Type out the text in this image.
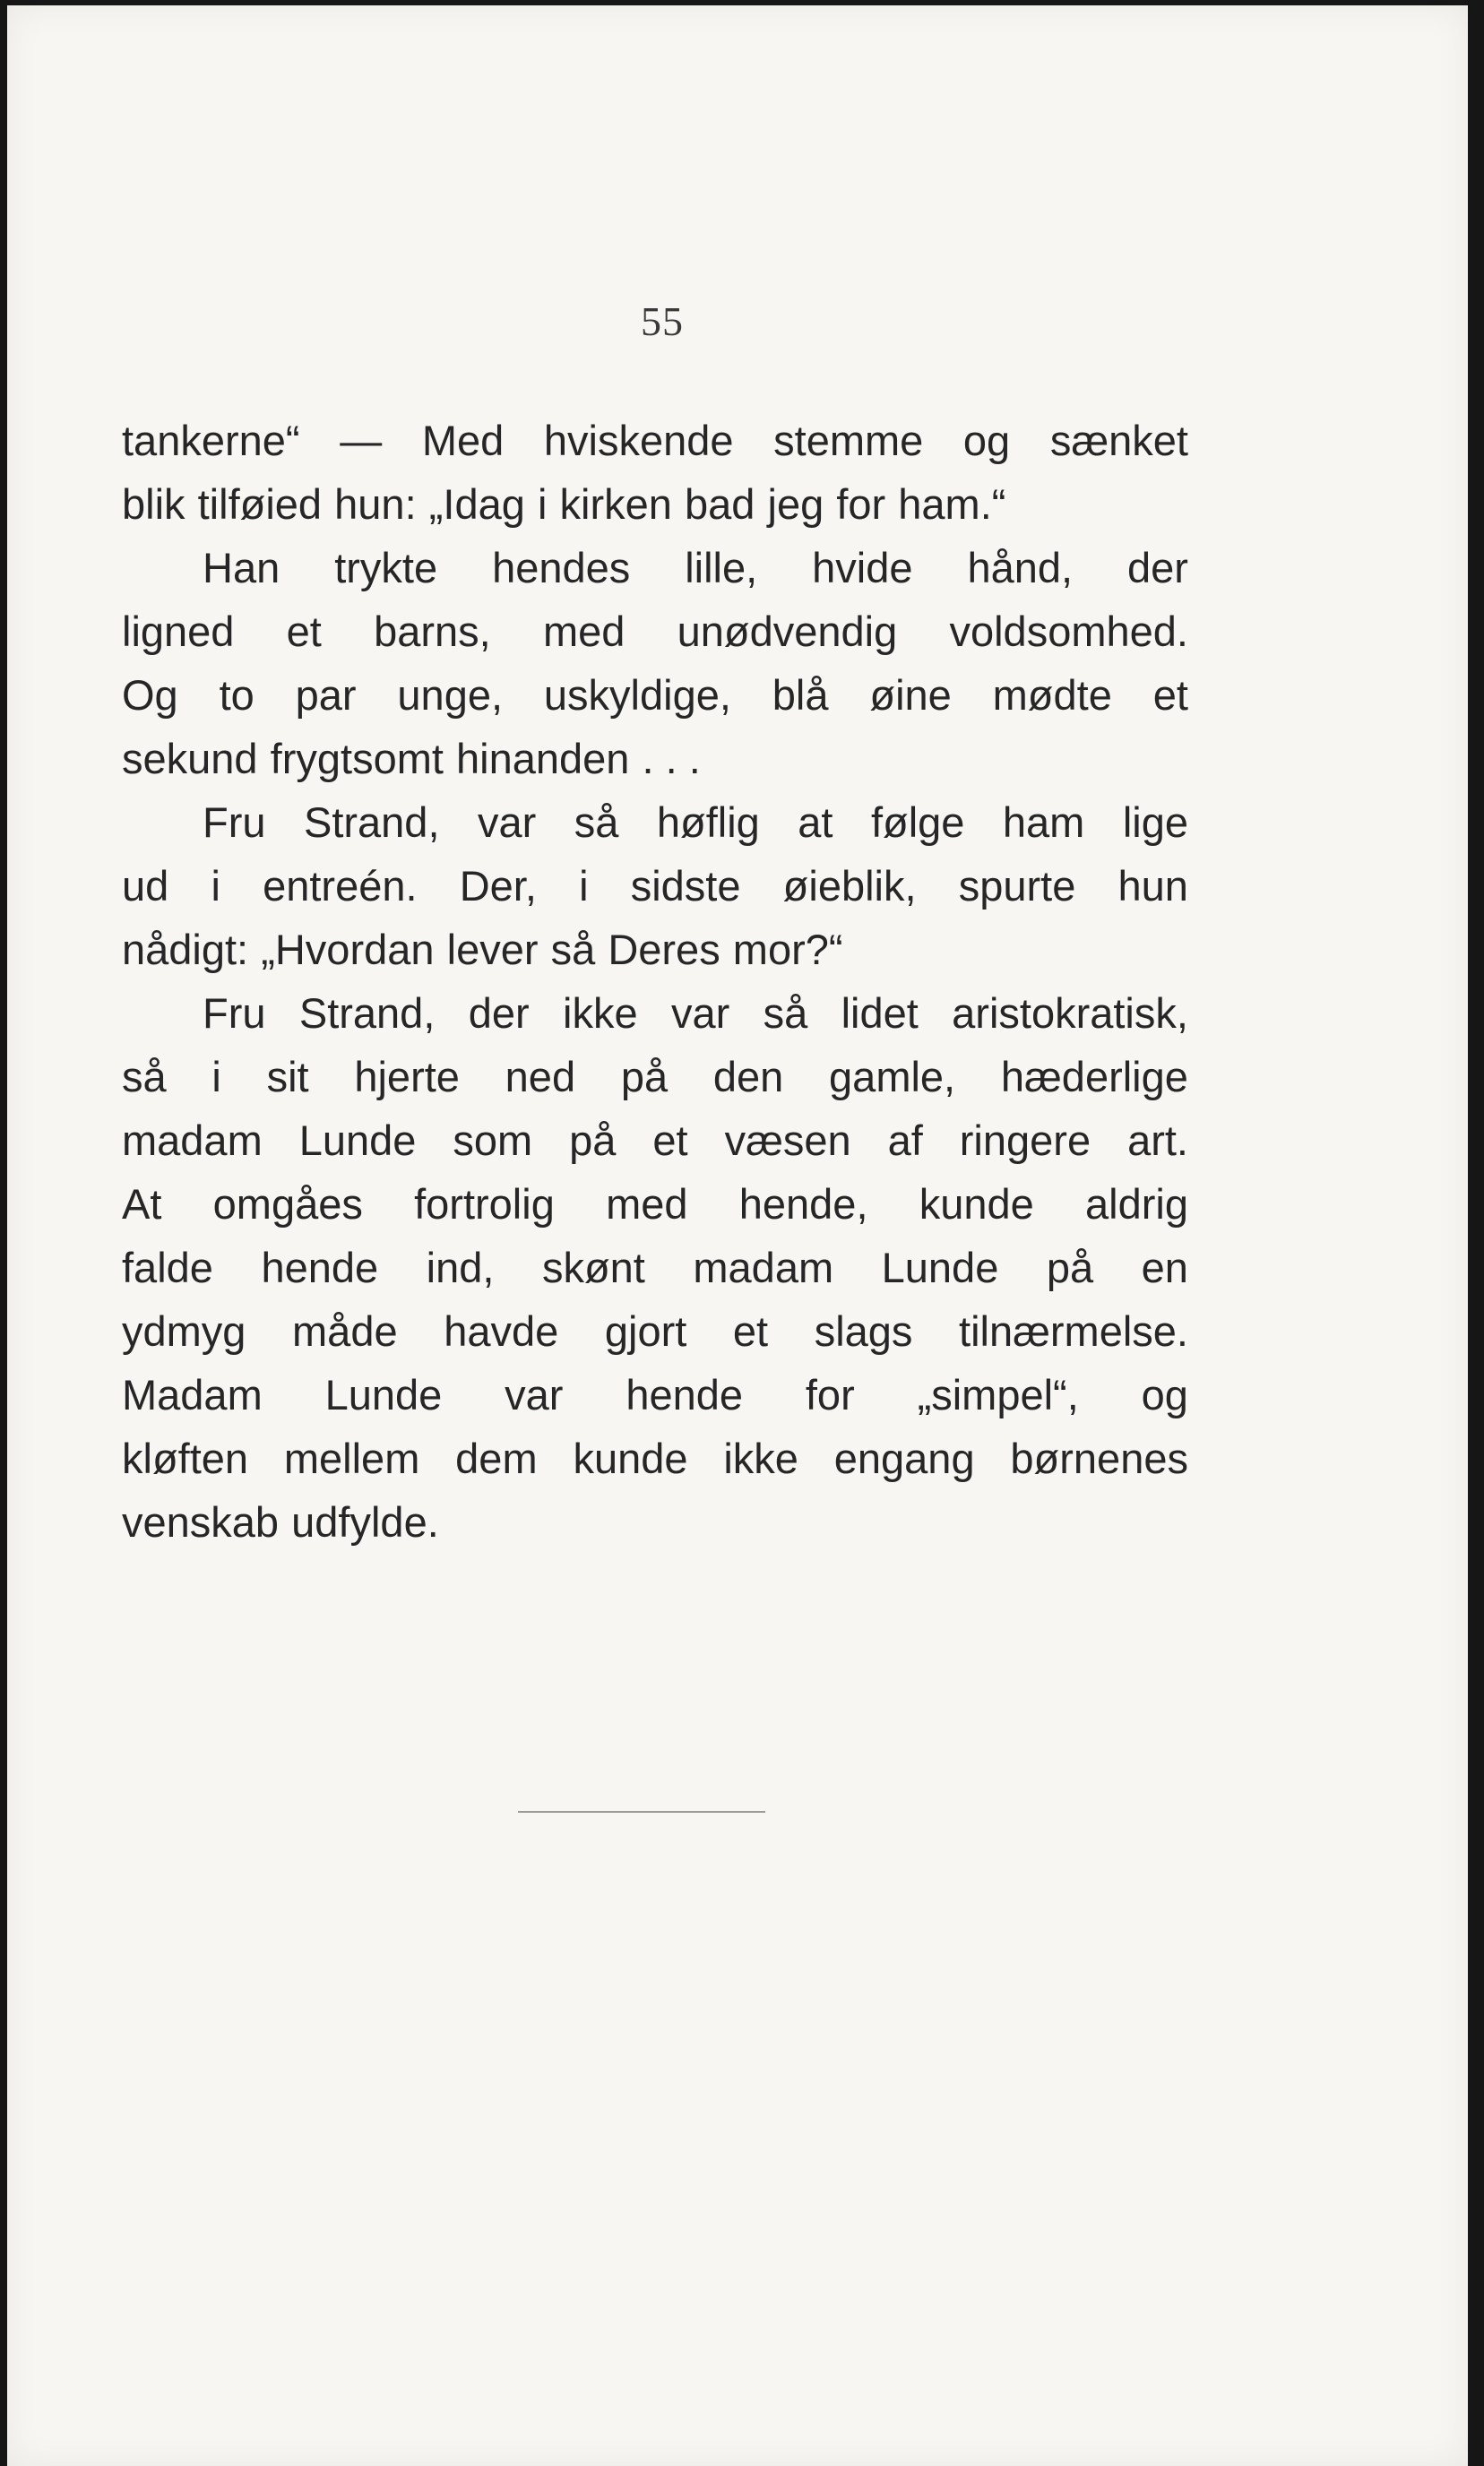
55
tankerne“ — Med hviskende stemme og sænket
blik tilføied hun: „Idag i kirken bad jeg for ham.“
Han trykte hendes lille, hvide hånd, der
ligned et barns, med unødvendig voldsomhed.
Og to par unge, uskyldige, blå øine mødte et
sekund frygtsomt hinanden . . .
Fru Strand, var så høflig at følge ham lige
ud i entreén. Der, i sidste øieblik, spurte hun
nådigt: „Hvordan lever så Deres mor?“
Fru Strand, der ikke var så lidet aristokratisk,
så i sit hjerte ned på den gamle, hæderlige
madam Lunde som på et væsen af ringere art.
At omgåes fortrolig med hende, kunde aldrig
falde hende ind, skønt madam Lunde på en
ydmyg måde havde gjort et slags tilnærmelse.
Madam Lunde var hende for „simpel“, og
kløften mellem dem kunde ikke engang børnenes
venskab udfylde.
